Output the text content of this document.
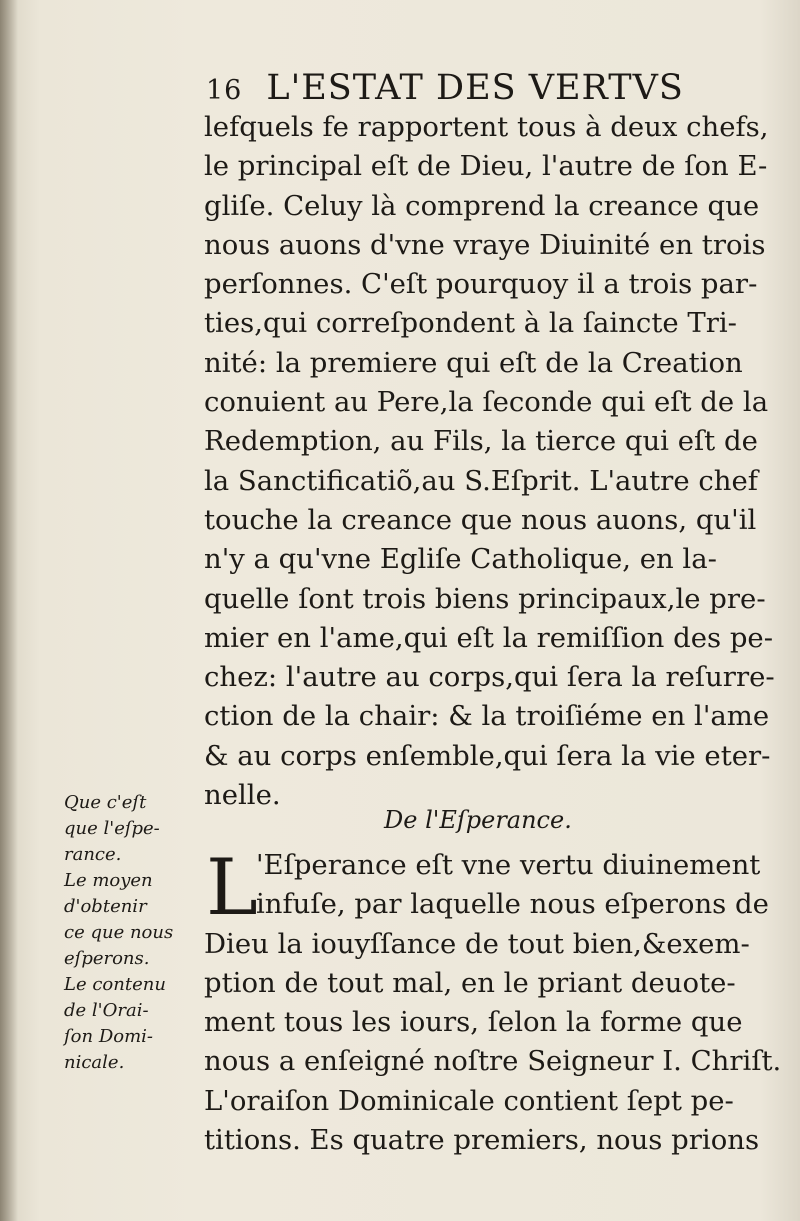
16 L'ESTAT DES VERTVS
lefquels fe rapportent tous à deux chefs,
le principal eſt de Dieu, l'autre de ſon E-
gliſe. Celuy là comprend la creance que
nous auons d'vne vraye Diuinité en trois
perſonnes. C'eſt pourquoy il a trois par-
ties,qui correſpondent à la ſaincte Tri-
nité: la premiere qui eſt de la Creation
conuient au Pere,la ſeconde qui eſt de la
Redemption, au Fils, la tierce qui eſt de
la Sanctificatiõ,au S.Eſprit. L'autre chef
touche la creance que nous auons, qu'il
n'y a qu'vne Egliſe Catholique, en la-
quelle ſont trois biens principaux,le pre-
mier en l'ame,qui eſt la remiſſion des pe-
chez: l'autre au corps,qui ſera la reſurre-
ction de la chair: & la troiſiéme en l'ame
& au corps enſemble,qui ſera la vie eter-
nelle.
De l'Eſperance.
L
'Eſperance eſt vne vertu diuinement
infuſe, par laquelle nous eſperons de
Dieu la iouyſſance de tout bien,&exem-
ption de tout mal, en le priant deuote-
ment tous les iours, ſelon la forme que
nous a enſeigné noſtre Seigneur I. Chriſt.
L'oraiſon Dominicale contient ſept pe-
titions. Es quatre premiers, nous prions
Que c'eſt
que l'eſpe-
rance.
Le moyen
d'obtenir
ce que nous
eſperons.
Le contenu
de l'Orai-
ſon Domi-
nicale.
